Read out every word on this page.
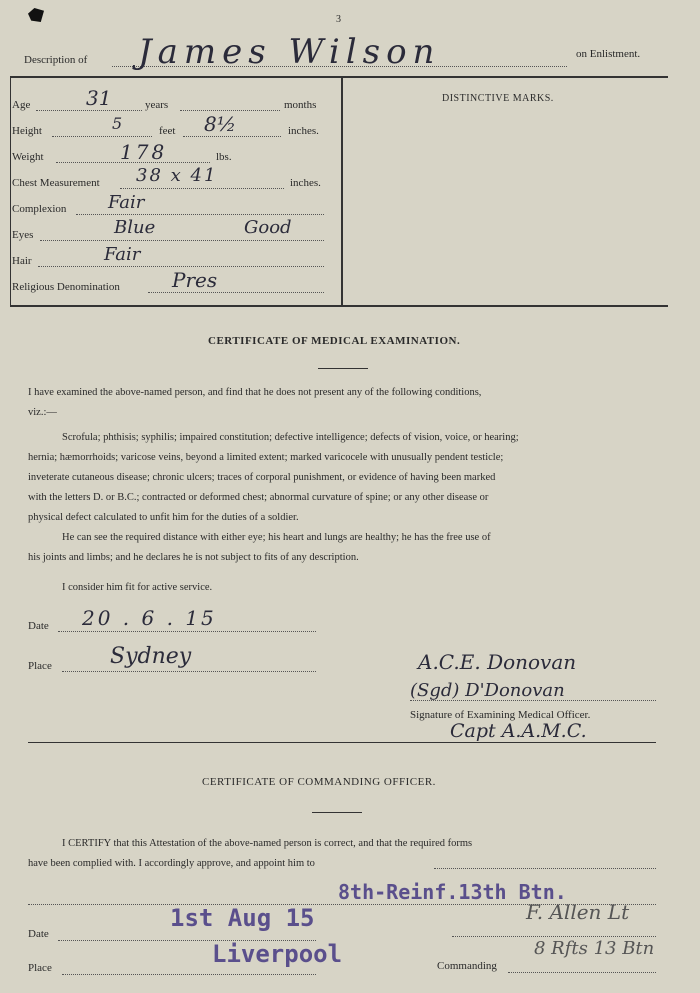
3
Description of James Wilson	on Enlistment.
Age	31	years	months
Height	5	feet 8½	inches.
Weight	178	lbs.
Chest Measurement 38 x 41	inches.
Complexion Fair
Eyes	Blue	Good
Hair	Fair
Religious Denomination	Pres
DISTINCTIVE MARKS.
CERTIFICATE OF MEDICAL EXAMINATION.
I have examined the above-named person, and find that he does not present any of the following conditions,
viz.:—
Scrofula; phthisis; syphilis; impaired constitution; defective intelligence; defects of vision, voice, or hearing;
hernia; hæmorrhoids; varicose veins, beyond a limited extent; marked varicocele with unusually pendent testicle;
inveterate cutaneous disease; chronic ulcers; traces of corporal punishment, or evidence of having been marked
with the letters D. or B.C.; contracted or deformed chest; abnormal curvature of spine; or any other disease or
physical defect calculated to unfit him for the duties of a soldier.
He can see the required distance with either eye; his heart and lungs are healthy; he has the free use of
his joints and limbs; and he declares he is not subject to fits of any description.
I consider him fit for active service.
Date 20 . 6 . 15
Place	Sydney	A.C.E. Donovan
(Sgd) D'Donovan
Signature of Examining Medical Officer.
Capt A.A.M.C.
CERTIFICATE OF COMMANDING OFFICER.
I CERTIFY that this Attestation of the above-named person is correct, and that the required forms
have been complied with. I accordingly approve, and appoint him to
8th-Reinf.13th Btn.
1st Aug 15
Date
Liverpool
Place
F. Allen Lt
Commanding
8 Rfts 13 Btn
